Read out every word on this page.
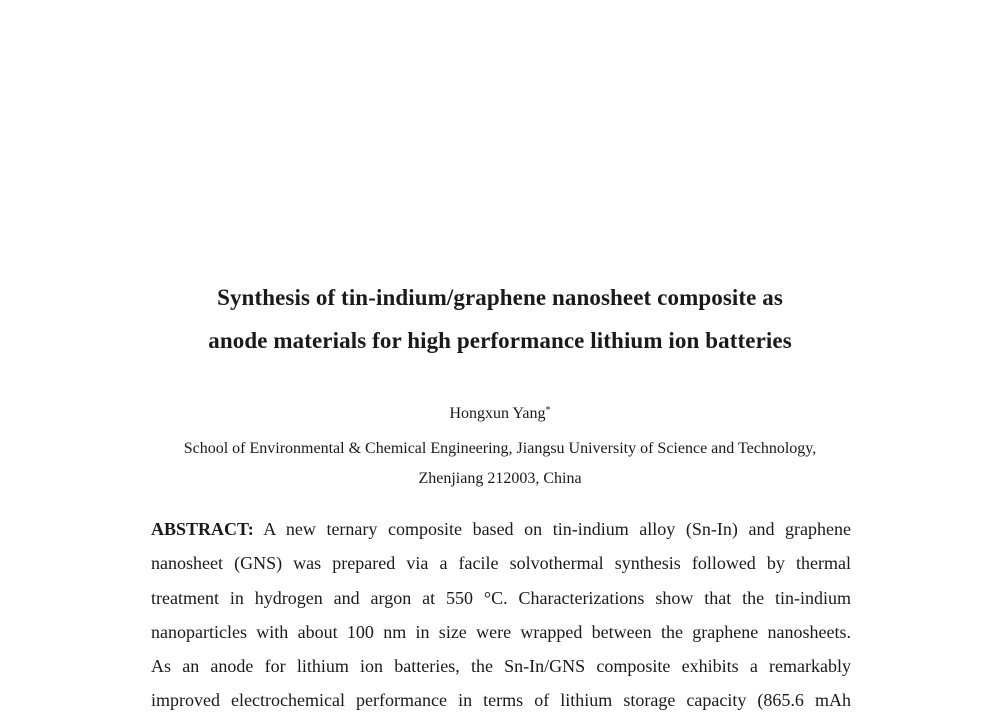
Synthesis of tin-indium/graphene nanosheet composite as
anode materials for high performance lithium ion batteries
Hongxun Yang*
School of Environmental & Chemical Engineering, Jiangsu University of Science and Technology,
Zhenjiang 212003, China
ABSTRACT: A new ternary composite based on tin-indium alloy (Sn-In) and graphene
nanosheet (GNS) was prepared via a facile solvothermal synthesis followed by thermal
treatment in hydrogen and argon at 550 °C. Characterizations show that the tin-indium
nanoparticles with about 100 nm in size were wrapped between the graphene nanosheets.
As an anode for lithium ion batteries, the Sn-In/GNS composite exhibits a remarkably
improved electrochemical performance in terms of lithium storage capacity (865.6 mAh
